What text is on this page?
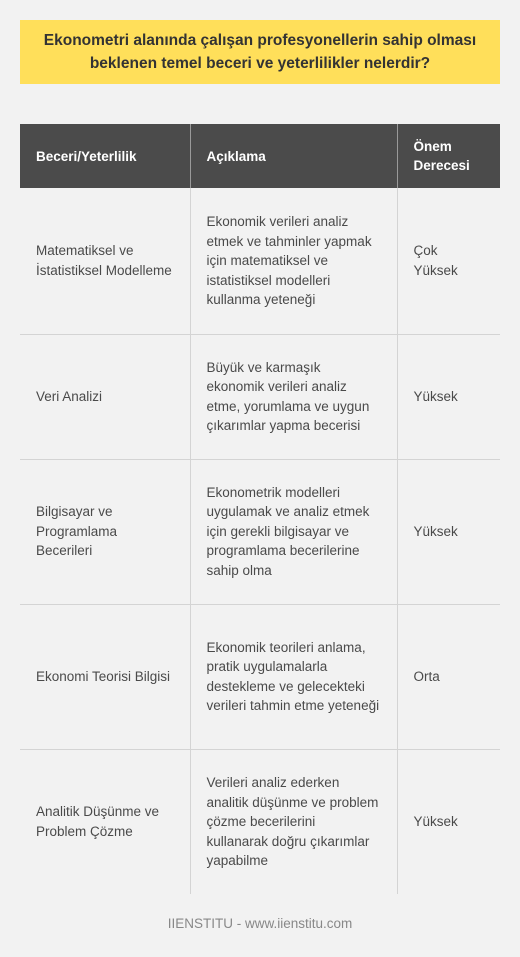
Ekonometri alanında çalışan profesyonellerin sahip olması beklenen temel beceri ve yeterlilikler nelerdir?
Beceri/Yeterlilik	Açıklama	Önem Derecesi
Matematiksel ve İstatistiksel Modelleme	Ekonomik verileri analiz etmek ve tahminler yapmak için matematiksel ve istatistiksel modelleri kullanma yeteneği	Çok Yüksek
Veri Analizi	Büyük ve karmaşık ekonomik verileri analiz etme, yorumlama ve uygun çıkarımlar yapma becerisi	Yüksek
Bilgisayar ve Programlama Becerileri	Ekonometrik modelleri uygulamak ve analiz etmek için gerekli bilgisayar ve programlama becerilerine sahip olma	Yüksek
Ekonomi Teorisi Bilgisi	Ekonomik teorileri anlama, pratik uygulamalarla destekleme ve gelecekteki verileri tahmin etme yeteneği	Orta
Analitik Düşünme ve Problem Çözme	Verileri analiz ederken analitik düşünme ve problem çözme becerilerini kullanarak doğru çıkarımlar yapabilme	Yüksek
IIENSTITU - www.iienstitu.com
